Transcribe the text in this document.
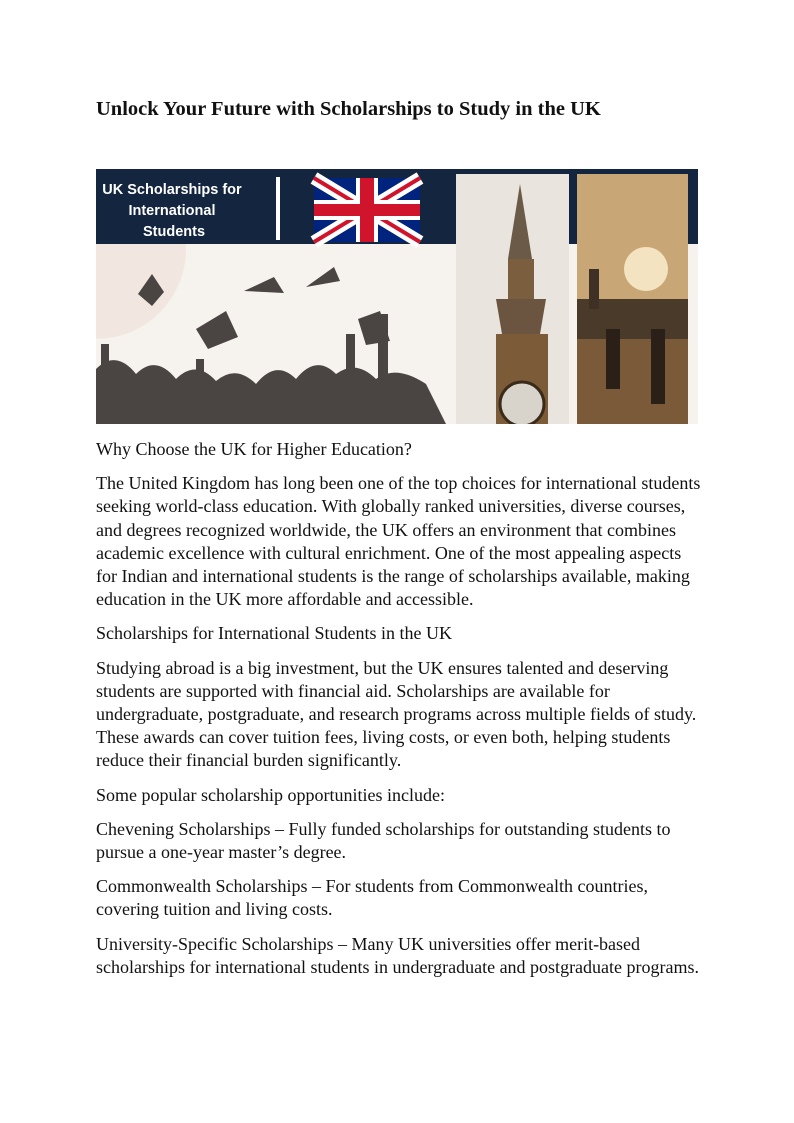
Unlock Your Future with Scholarships to Study in the UK
UK Scholarships for International Students

Why Choose the UK for Higher Education?

The United Kingdom has long been one of the top choices for international students seeking world-class education. With globally ranked universities, diverse courses, and degrees recognized worldwide, the UK offers an environment that combines academic excellence with cultural enrichment. One of the most appealing aspects for Indian and international students is the range of scholarships available, making education in the UK more affordable and accessible.

Scholarships for International Students in the UK

Studying abroad is a big investment, but the UK ensures talented and deserving students are supported with financial aid. Scholarships are available for undergraduate, postgraduate, and research programs across multiple fields of study. These awards can cover tuition fees, living costs, or even both, helping students reduce their financial burden significantly.

Some popular scholarship opportunities include:

Chevening Scholarships – Fully funded scholarships for outstanding students to pursue a one-year master’s degree.

Commonwealth Scholarships – For students from Commonwealth countries, covering tuition and living costs.

University-Specific Scholarships – Many UK universities offer merit-based scholarships for international students in undergraduate and postgraduate programs.
